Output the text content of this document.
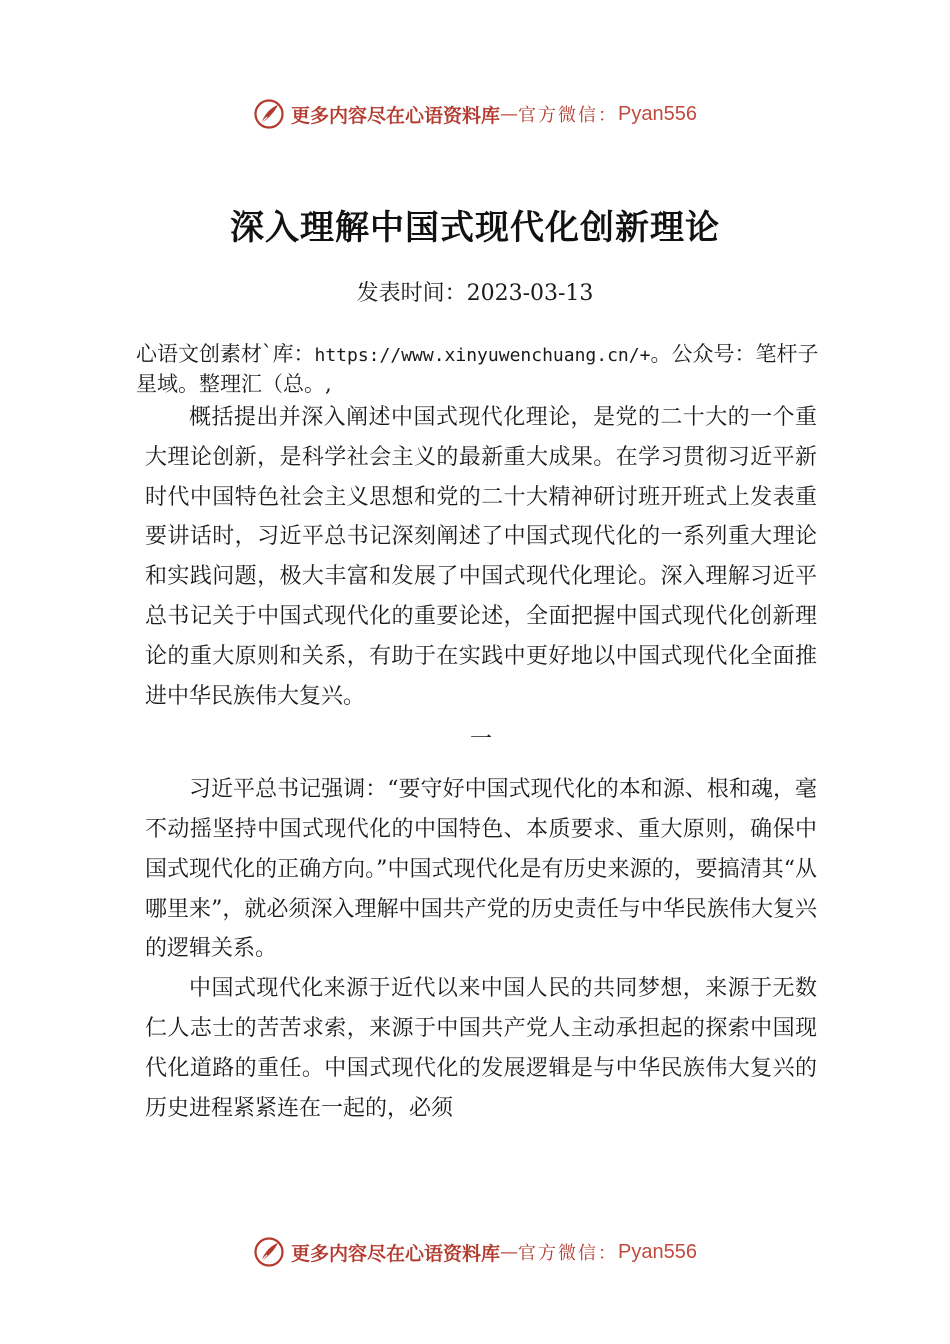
更多内容尽在心语资料库 — 官方微信： Pyan556
深入理解中国式现代化创新理论
发表时间：2023-03-13
心语文创素材`库：https://www.xinyuwenchuang.cn/+。公众号：笔杆子星域。整理汇（总。,

概括提出并深入阐述中国式现代化理论，是党的二十大的一个重大理论创新，是科学社会主义的最新重大成果。在学习贯彻习近平新时代中国特色社会主义思想和党的二十大精神研讨班开班式上发表重要讲话时，习近平总书记深刻阐述了中国式现代化的一系列重大理论和实践问题，极大丰富和发展了中国式现代化理论。深入理解习近平总书记关于中国式现代化的重要论述，全面把握中国式现代化创新理论的重大原则和关系，有助于在实践中更好地以中国式现代化全面推进中华民族伟大复兴。

一

习近平总书记强调：“要守好中国式现代化的本和源、根和魂，毫不动摇坚持中国式现代化的中国特色、本质要求、重大原则，确保中国式现代化的正确方向。”中国式现代化是有历史来源的，要搞清其“从哪里来”，就必须深入理解中国共产党的历史责任与中华民族伟大复兴的逻辑关系。

中国式现代化来源于近代以来中国人民的共同梦想，来源于无数仁人志士的苦苦求索，来源于中国共产党人主动承担起的探索中国现代化道路的重任。中国式现代化的发展逻辑是与中华民族伟大复兴的历史进程紧紧连在一起的，必须

更多内容尽在心语资料库 — 官方微信： Pyan556
